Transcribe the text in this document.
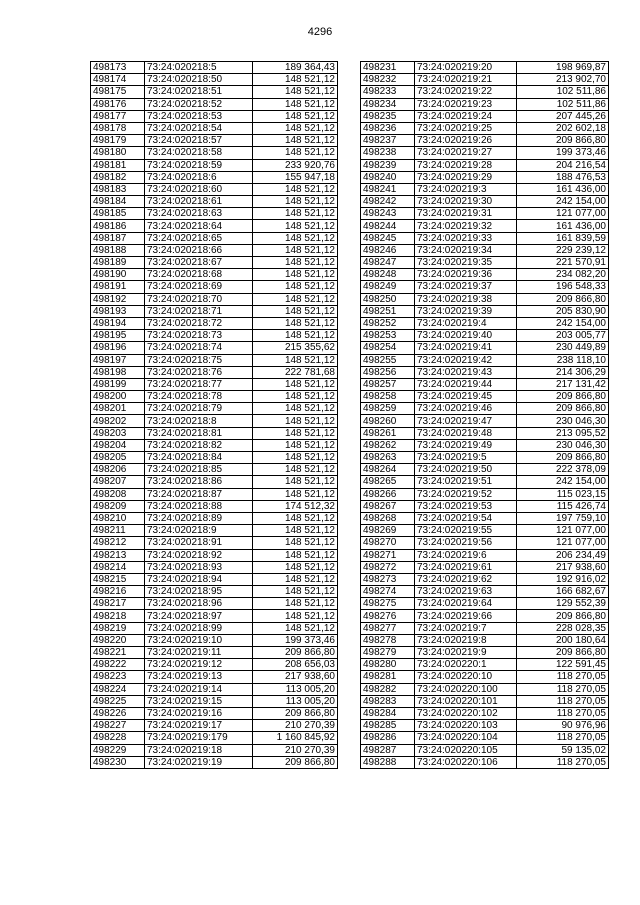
4296
498173	73:24:020218:5	189 364,43
498174	73:24:020218:50	148 521,12
498175	73:24:020218:51	148 521,12
498176	73:24:020218:52	148 521,12
498177	73:24:020218:53	148 521,12
498178	73:24:020218:54	148 521,12
498179	73:24:020218:57	148 521,12
498180	73:24:020218:58	148 521,12
498181	73:24:020218:59	233 920,76
498182	73:24:020218:6	155 947,18
498183	73:24:020218:60	148 521,12
498184	73:24:020218:61	148 521,12
498185	73:24:020218:63	148 521,12
498186	73:24:020218:64	148 521,12
498187	73:24:020218:65	148 521,12
498188	73:24:020218:66	148 521,12
498189	73:24:020218:67	148 521,12
498190	73:24:020218:68	148 521,12
498191	73:24:020218:69	148 521,12
498192	73:24:020218:70	148 521,12
498193	73:24:020218:71	148 521,12
498194	73:24:020218:72	148 521,12
498195	73:24:020218:73	148 521,12
498196	73:24:020218:74	215 355,62
498197	73:24:020218:75	148 521,12
498198	73:24:020218:76	222 781,68
498199	73:24:020218:77	148 521,12
498200	73:24:020218:78	148 521,12
498201	73:24:020218:79	148 521,12
498202	73:24:020218:8	148 521,12
498203	73:24:020218:81	148 521,12
498204	73:24:020218:82	148 521,12
498205	73:24:020218:84	148 521,12
498206	73:24:020218:85	148 521,12
498207	73:24:020218:86	148 521,12
498208	73:24:020218:87	148 521,12
498209	73:24:020218:88	174 512,32
498210	73:24:020218:89	148 521,12
498211	73:24:020218:9	148 521,12
498212	73:24:020218:91	148 521,12
498213	73:24:020218:92	148 521,12
498214	73:24:020218:93	148 521,12
498215	73:24:020218:94	148 521,12
498216	73:24:020218:95	148 521,12
498217	73:24:020218:96	148 521,12
498218	73:24:020218:97	148 521,12
498219	73:24:020218:99	148 521,12
498220	73:24:020219:10	199 373,46
498221	73:24:020219:11	209 866,80
498222	73:24:020219:12	208 656,03
498223	73:24:020219:13	217 938,60
498224	73:24:020219:14	113 005,20
498225	73:24:020219:15	113 005,20
498226	73:24:020219:16	209 866,80
498227	73:24:020219:17	210 270,39
498228	73:24:020219:179	1 160 845,92
498229	73:24:020219:18	210 270,39
498230	73:24:020219:19	209 866,80
498231	73:24:020219:20	198 969,87
498232	73:24:020219:21	213 902,70
498233	73:24:020219:22	102 511,86
498234	73:24:020219:23	102 511,86
498235	73:24:020219:24	207 445,26
498236	73:24:020219:25	202 602,18
498237	73:24:020219:26	209 866,80
498238	73:24:020219:27	199 373,46
498239	73:24:020219:28	204 216,54
498240	73:24:020219:29	188 476,53
498241	73:24:020219:3	161 436,00
498242	73:24:020219:30	242 154,00
498243	73:24:020219:31	121 077,00
498244	73:24:020219:32	161 436,00
498245	73:24:020219:33	161 839,59
498246	73:24:020219:34	229 239,12
498247	73:24:020219:35	221 570,91
498248	73:24:020219:36	234 082,20
498249	73:24:020219:37	196 548,33
498250	73:24:020219:38	209 866,80
498251	73:24:020219:39	205 830,90
498252	73:24:020219:4	242 154,00
498253	73:24:020219:40	203 005,77
498254	73:24:020219:41	230 449,89
498255	73:24:020219:42	238 118,10
498256	73:24:020219:43	214 306,29
498257	73:24:020219:44	217 131,42
498258	73:24:020219:45	209 866,80
498259	73:24:020219:46	209 866,80
498260	73:24:020219:47	230 046,30
498261	73:24:020219:48	213 095,52
498262	73:24:020219:49	230 046,30
498263	73:24:020219:5	209 866,80
498264	73:24:020219:50	222 378,09
498265	73:24:020219:51	242 154,00
498266	73:24:020219:52	115 023,15
498267	73:24:020219:53	115 426,74
498268	73:24:020219:54	197 759,10
498269	73:24:020219:55	121 077,00
498270	73:24:020219:56	121 077,00
498271	73:24:020219:6	206 234,49
498272	73:24:020219:61	217 938,60
498273	73:24:020219:62	192 916,02
498274	73:24:020219:63	166 682,67
498275	73:24:020219:64	129 552,39
498276	73:24:020219:66	209 866,80
498277	73:24:020219:7	228 028,35
498278	73:24:020219:8	200 180,64
498279	73:24:020219:9	209 866,80
498280	73:24:020220:1	122 591,45
498281	73:24:020220:10	118 270,05
498282	73:24:020220:100	118 270,05
498283	73:24:020220:101	118 270,05
498284	73:24:020220:102	118 270,05
498285	73:24:020220:103	90 976,96
498286	73:24:020220:104	118 270,05
498287	73:24:020220:105	59 135,02
498288	73:24:020220:106	118 270,05
